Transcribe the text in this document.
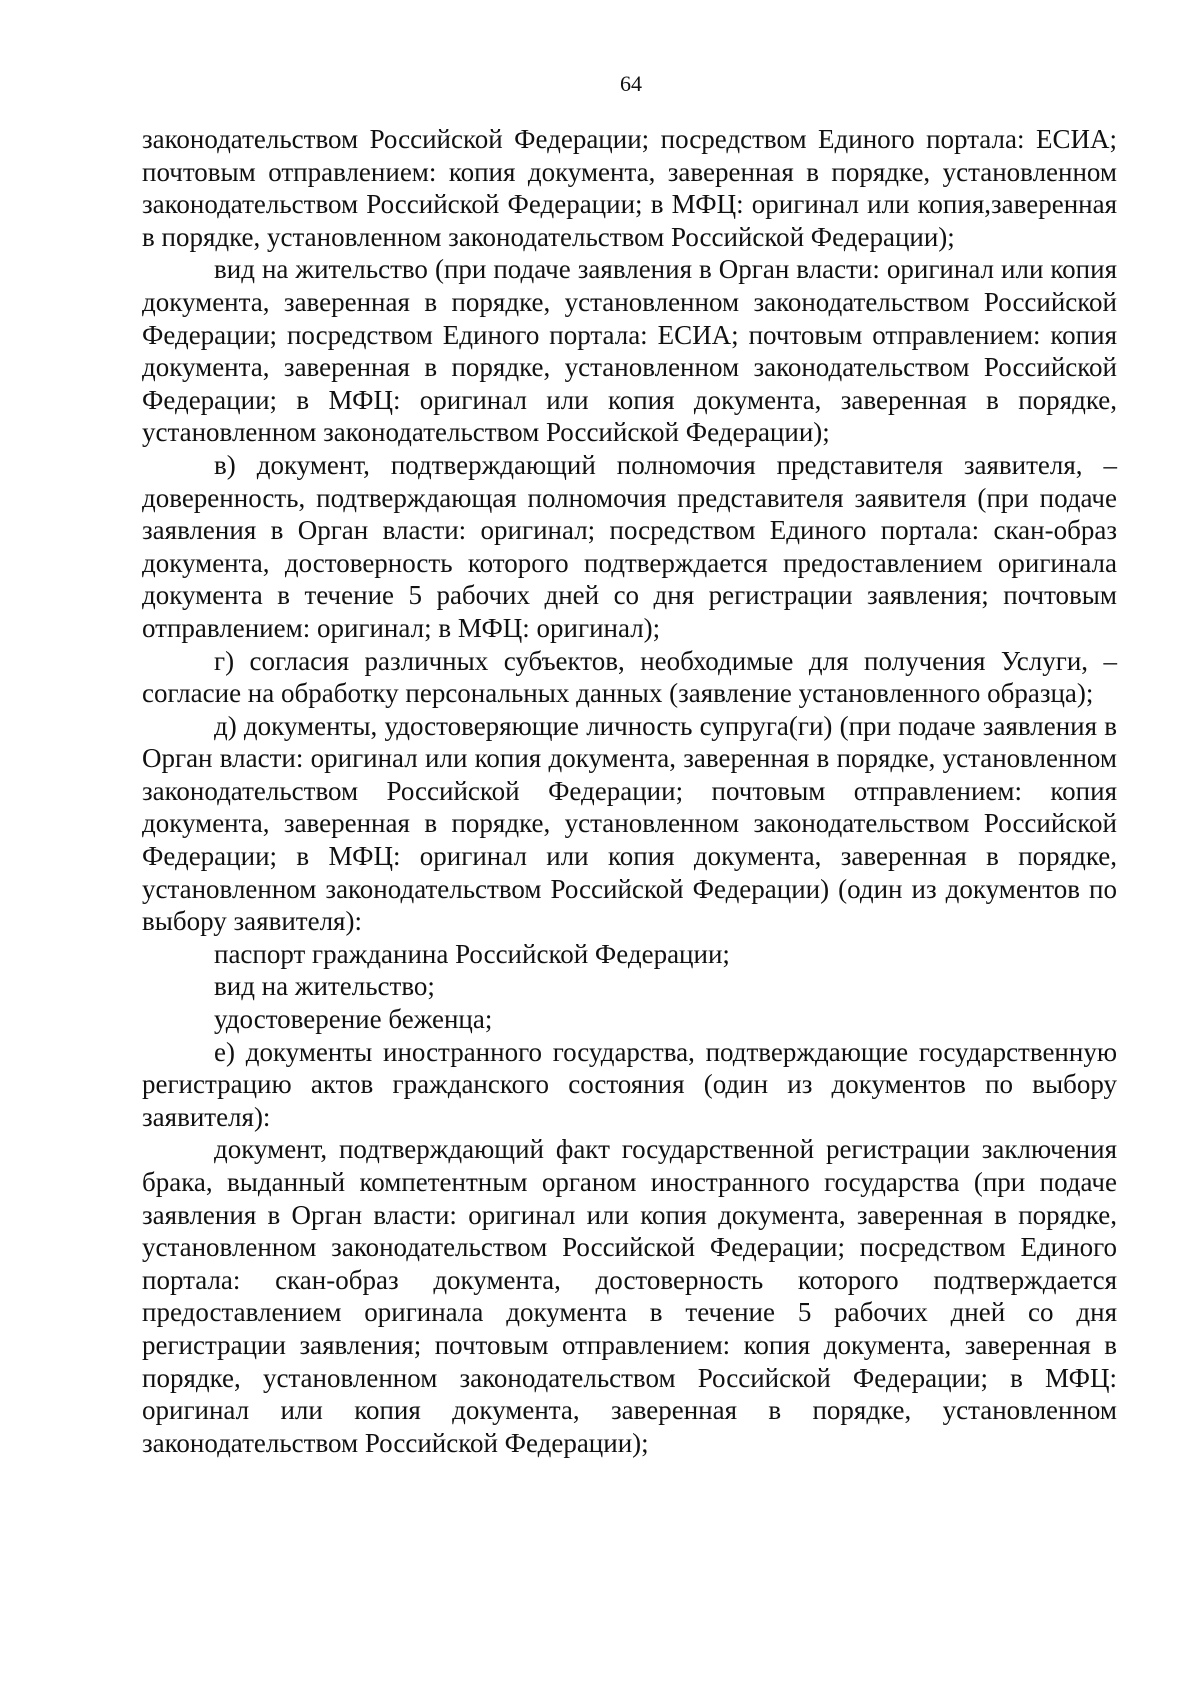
64

законодательством Российской Федерации; посредством Единого портала: ЕСИА; почтовым отправлением: копия документа, заверенная в порядке, установленном законодательством Российской Федерации; в МФЦ: оригинал или копия,заверенная в порядке, установленном законодательством Российской Федерации);

вид на жительство (при подаче заявления в Орган власти: оригинал или копия документа, заверенная в порядке, установленном законодательством Российской Федерации; посредством Единого портала: ЕСИА; почтовым отправлением: копия документа, заверенная в порядке, установленном законодательством Российской Федерации; в МФЦ: оригинал или копия документа, заверенная в порядке, установленном законодательством Российской Федерации);

в) документ, подтверждающий полномочия представителя заявителя, – доверенность, подтверждающая полномочия представителя заявителя (при подаче заявления в Орган власти: оригинал; посредством Единого портала: скан-образ документа, достоверность которого подтверждается предоставлением оригинала документа в течение 5 рабочих дней со дня регистрации заявления; почтовым отправлением: оригинал; в МФЦ: оригинал);

г) согласия различных субъектов, необходимые для получения Услуги, – согласие на обработку персональных данных (заявление установленного образца);

д) документы, удостоверяющие личность супруга(ги) (при подаче заявления в Орган власти: оригинал или копия документа, заверенная в порядке, установленном законодательством Российской Федерации; почтовым отправлением: копия документа, заверенная в порядке, установленном законодательством Российской Федерации; в МФЦ: оригинал или копия документа, заверенная в порядке, установленном законодательством Российской Федерации) (один из документов по выбору заявителя):

паспорт гражданина Российской Федерации;

вид на жительство;

удостоверение беженца;

е) документы иностранного государства, подтверждающие государственную регистрацию актов гражданского состояния (один из документов по выбору заявителя):

документ, подтверждающий факт государственной регистрации заключения брака, выданный компетентным органом иностранного государства (при подаче заявления в Орган власти: оригинал или копия документа, заверенная в порядке, установленном законодательством Российской Федерации; посредством Единого портала: скан-образ документа, достоверность которого подтверждается предоставлением оригинала документа в течение 5 рабочих дней со дня регистрации заявления; почтовым отправлением: копия документа, заверенная в порядке, установленном законодательством Российской Федерации; в МФЦ: оригинал или копия документа, заверенная в порядке, установленном законодательством Российской Федерации);
